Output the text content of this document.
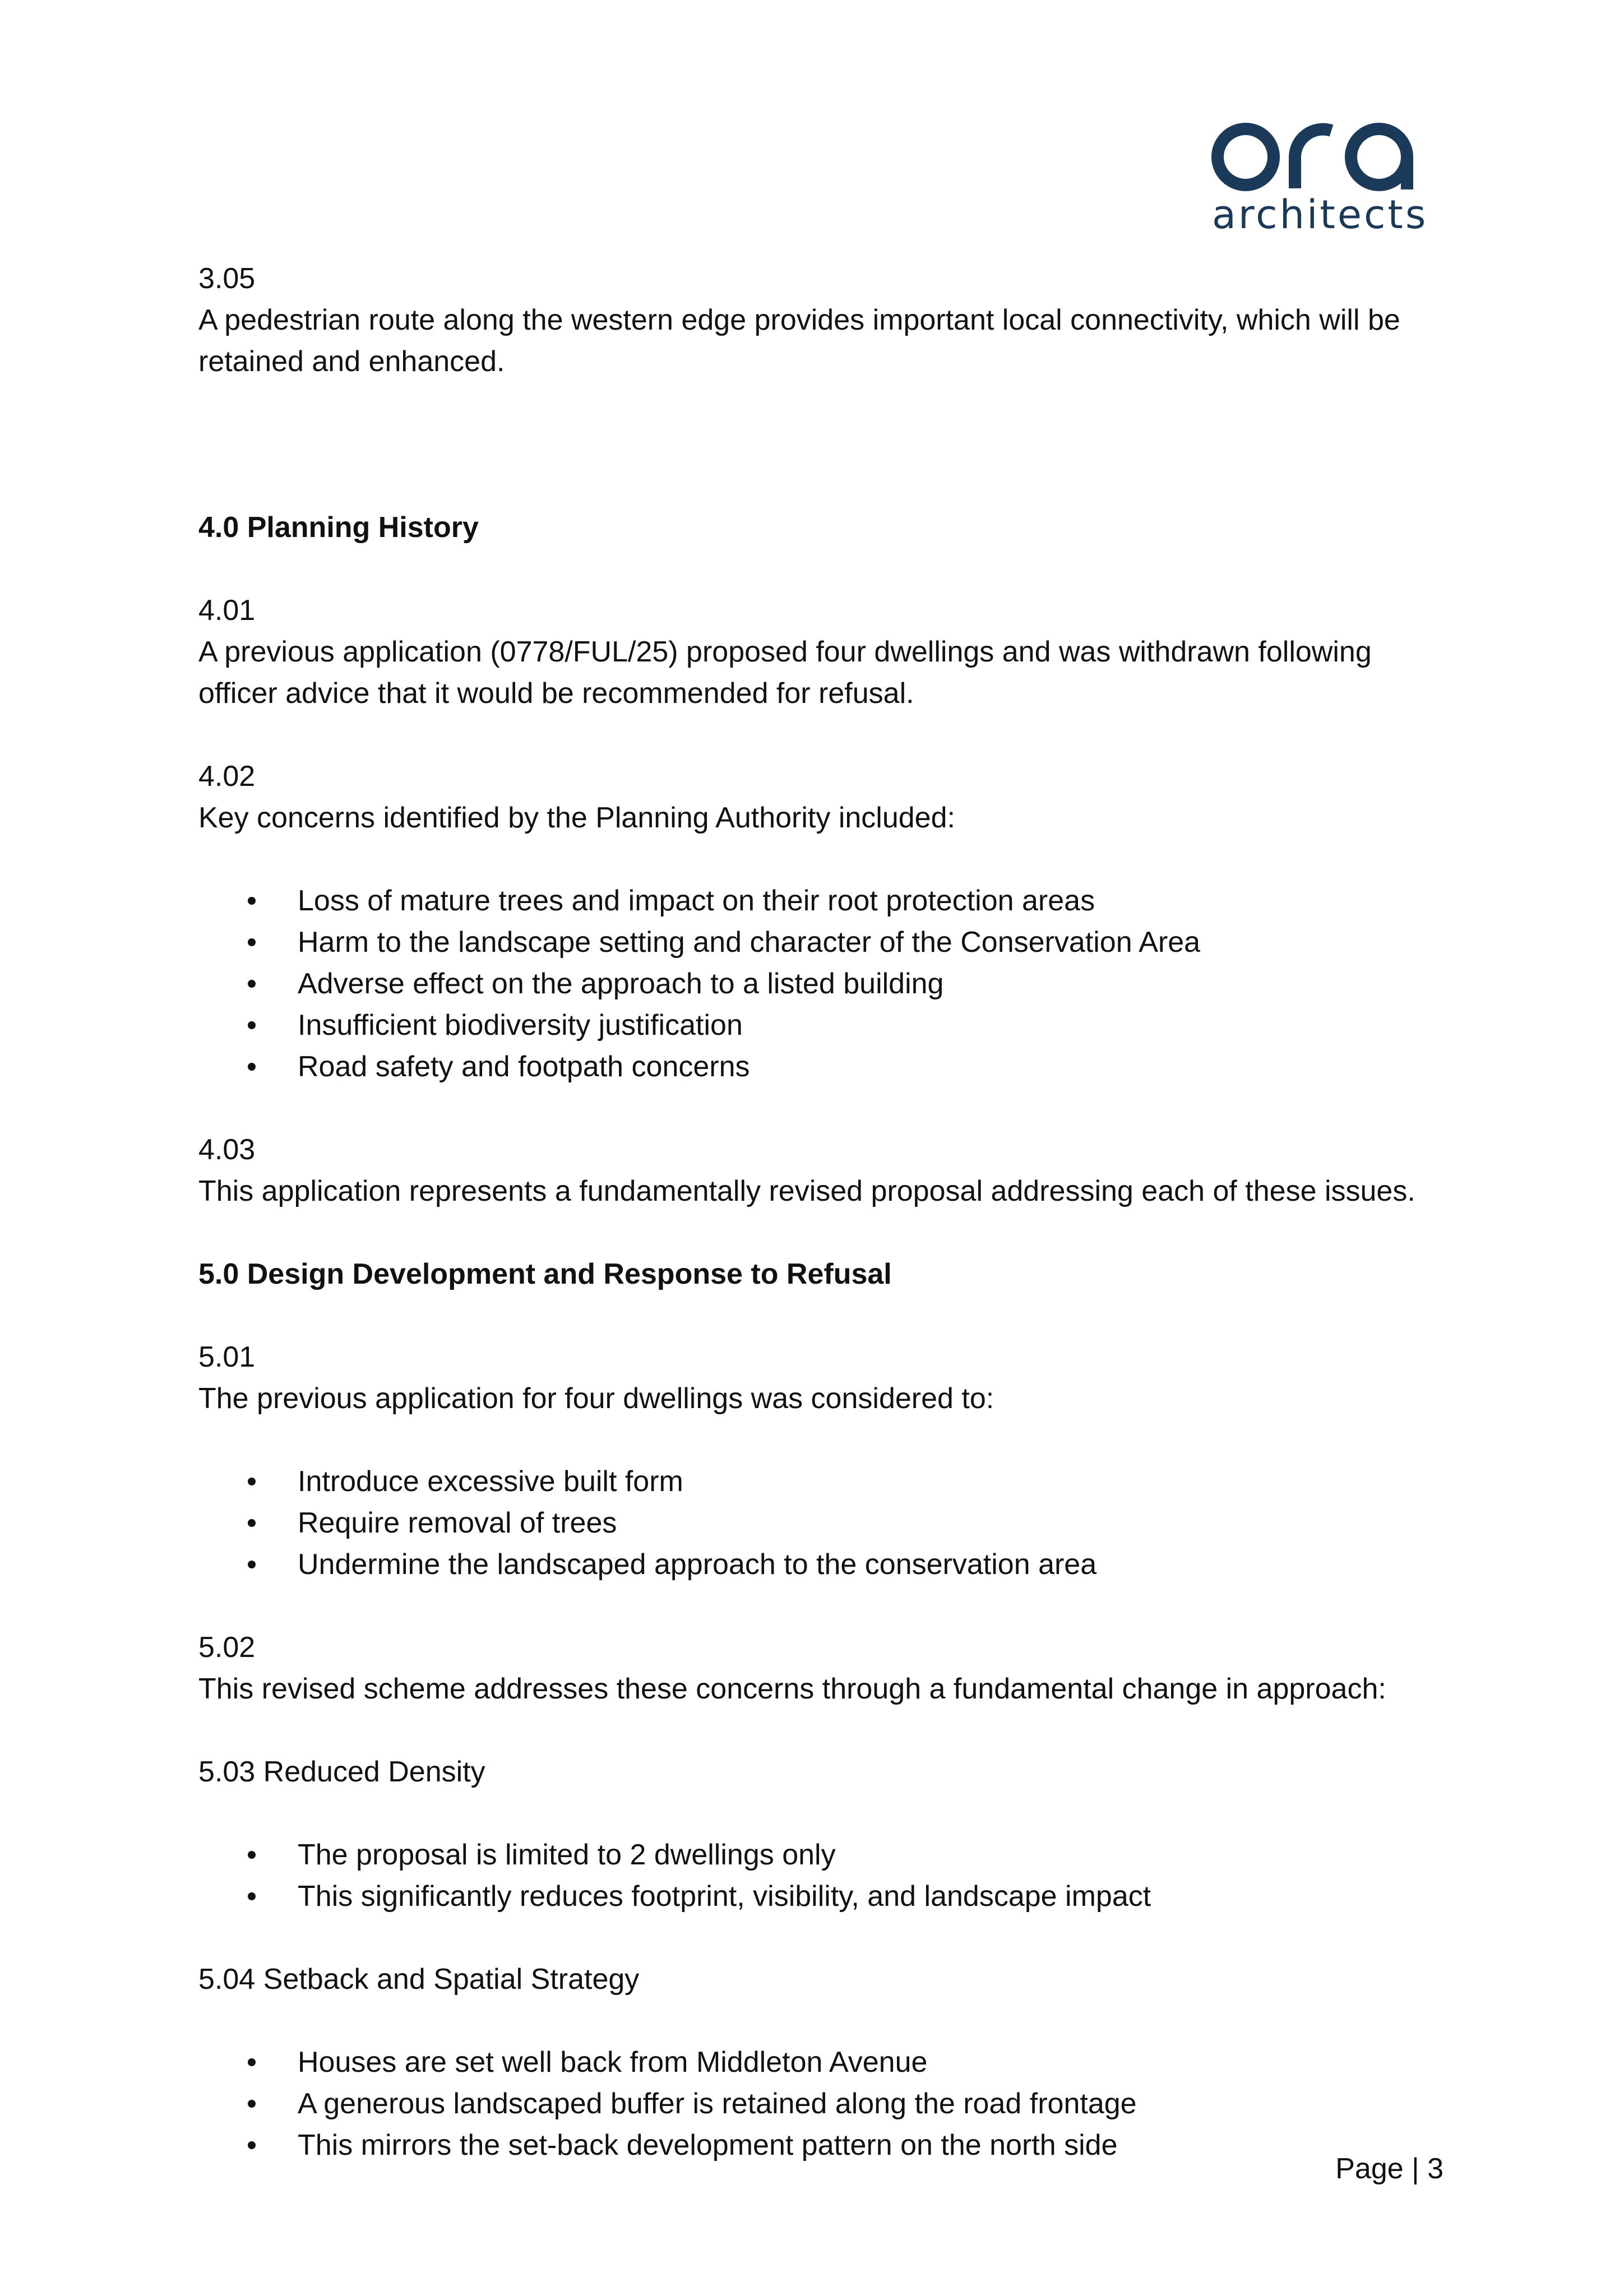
architects

3.05

A pedestrian route along the western edge provides important local connectivity, which will be retained and enhanced.

4.0 Planning History

4.01

A previous application (0778/FUL/25) proposed four dwellings and was withdrawn following officer advice that it would be recommended for refusal.

4.02

Key concerns identified by the Planning Authority included:

Loss of mature trees and impact on their root protection areas
Harm to the landscape setting and character of the Conservation Area
Adverse effect on the approach to a listed building
Insufficient biodiversity justification
Road safety and footpath concerns

4.03

This application represents a fundamentally revised proposal addressing each of these issues.

5.0 Design Development and Response to Refusal

5.01

The previous application for four dwellings was considered to:

Introduce excessive built form
Require removal of trees
Undermine the landscaped approach to the conservation area

5.02

This revised scheme addresses these concerns through a fundamental change in approach:

5.03 Reduced Density

The proposal is limited to 2 dwellings only
This significantly reduces footprint, visibility, and landscape impact

5.04 Setback and Spatial Strategy

Houses are set well back from Middleton Avenue
A generous landscaped buffer is retained along the road frontage
This mirrors the set-back development pattern on the north side
Page | 3
